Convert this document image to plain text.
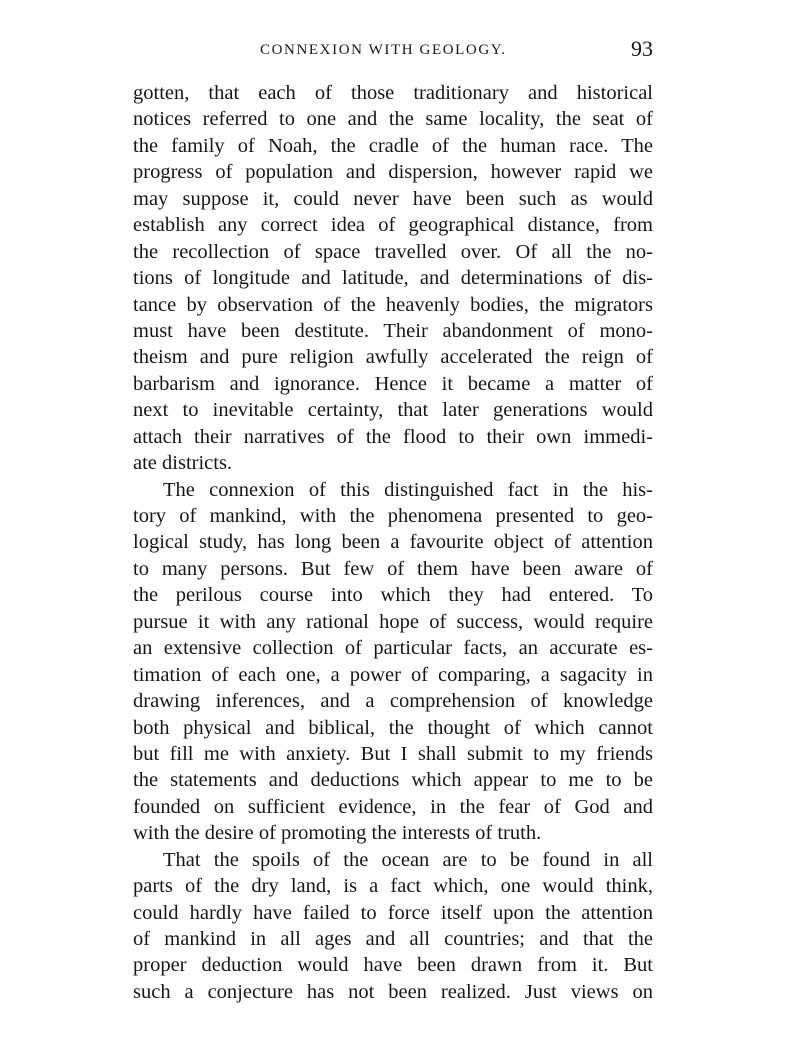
CONNEXION WITH GEOLOGY.	93
gotten, that each of those traditionary and historical
notices referred to one and the same locality, the seat of
the family of Noah, the cradle of the human race. The
progress of population and dispersion, however rapid we
may suppose it, could never have been such as would
establish any correct idea of geographical distance, from
the recollection of space travelled over. Of all the no-
tions of longitude and latitude, and determinations of dis-
tance by observation of the heavenly bodies, the migrators
must have been destitute. Their abandonment of mono-
theism and pure religion awfully accelerated the reign of
barbarism and ignorance. Hence it became a matter of
next to inevitable certainty, that later generations would
attach their narratives of the flood to their own immedi-
ate districts.
The connexion of this distinguished fact in the his-
tory of mankind, with the phenomena presented to geo-
logical study, has long been a favourite object of attention
to many persons. But few of them have been aware of
the perilous course into which they had entered. To
pursue it with any rational hope of success, would require
an extensive collection of particular facts, an accurate es-
timation of each one, a power of comparing, a sagacity in
drawing inferences, and a comprehension of knowledge
both physical and biblical, the thought of which cannot
but fill me with anxiety. But I shall submit to my friends
the statements and deductions which appear to me to be
founded on sufficient evidence, in the fear of God and
with the desire of promoting the interests of truth.
That the spoils of the ocean are to be found in all
parts of the dry land, is a fact which, one would think,
could hardly have failed to force itself upon the attention
of mankind in all ages and all countries; and that the
proper deduction would have been drawn from it. But
such a conjecture has not been realized. Just views on
